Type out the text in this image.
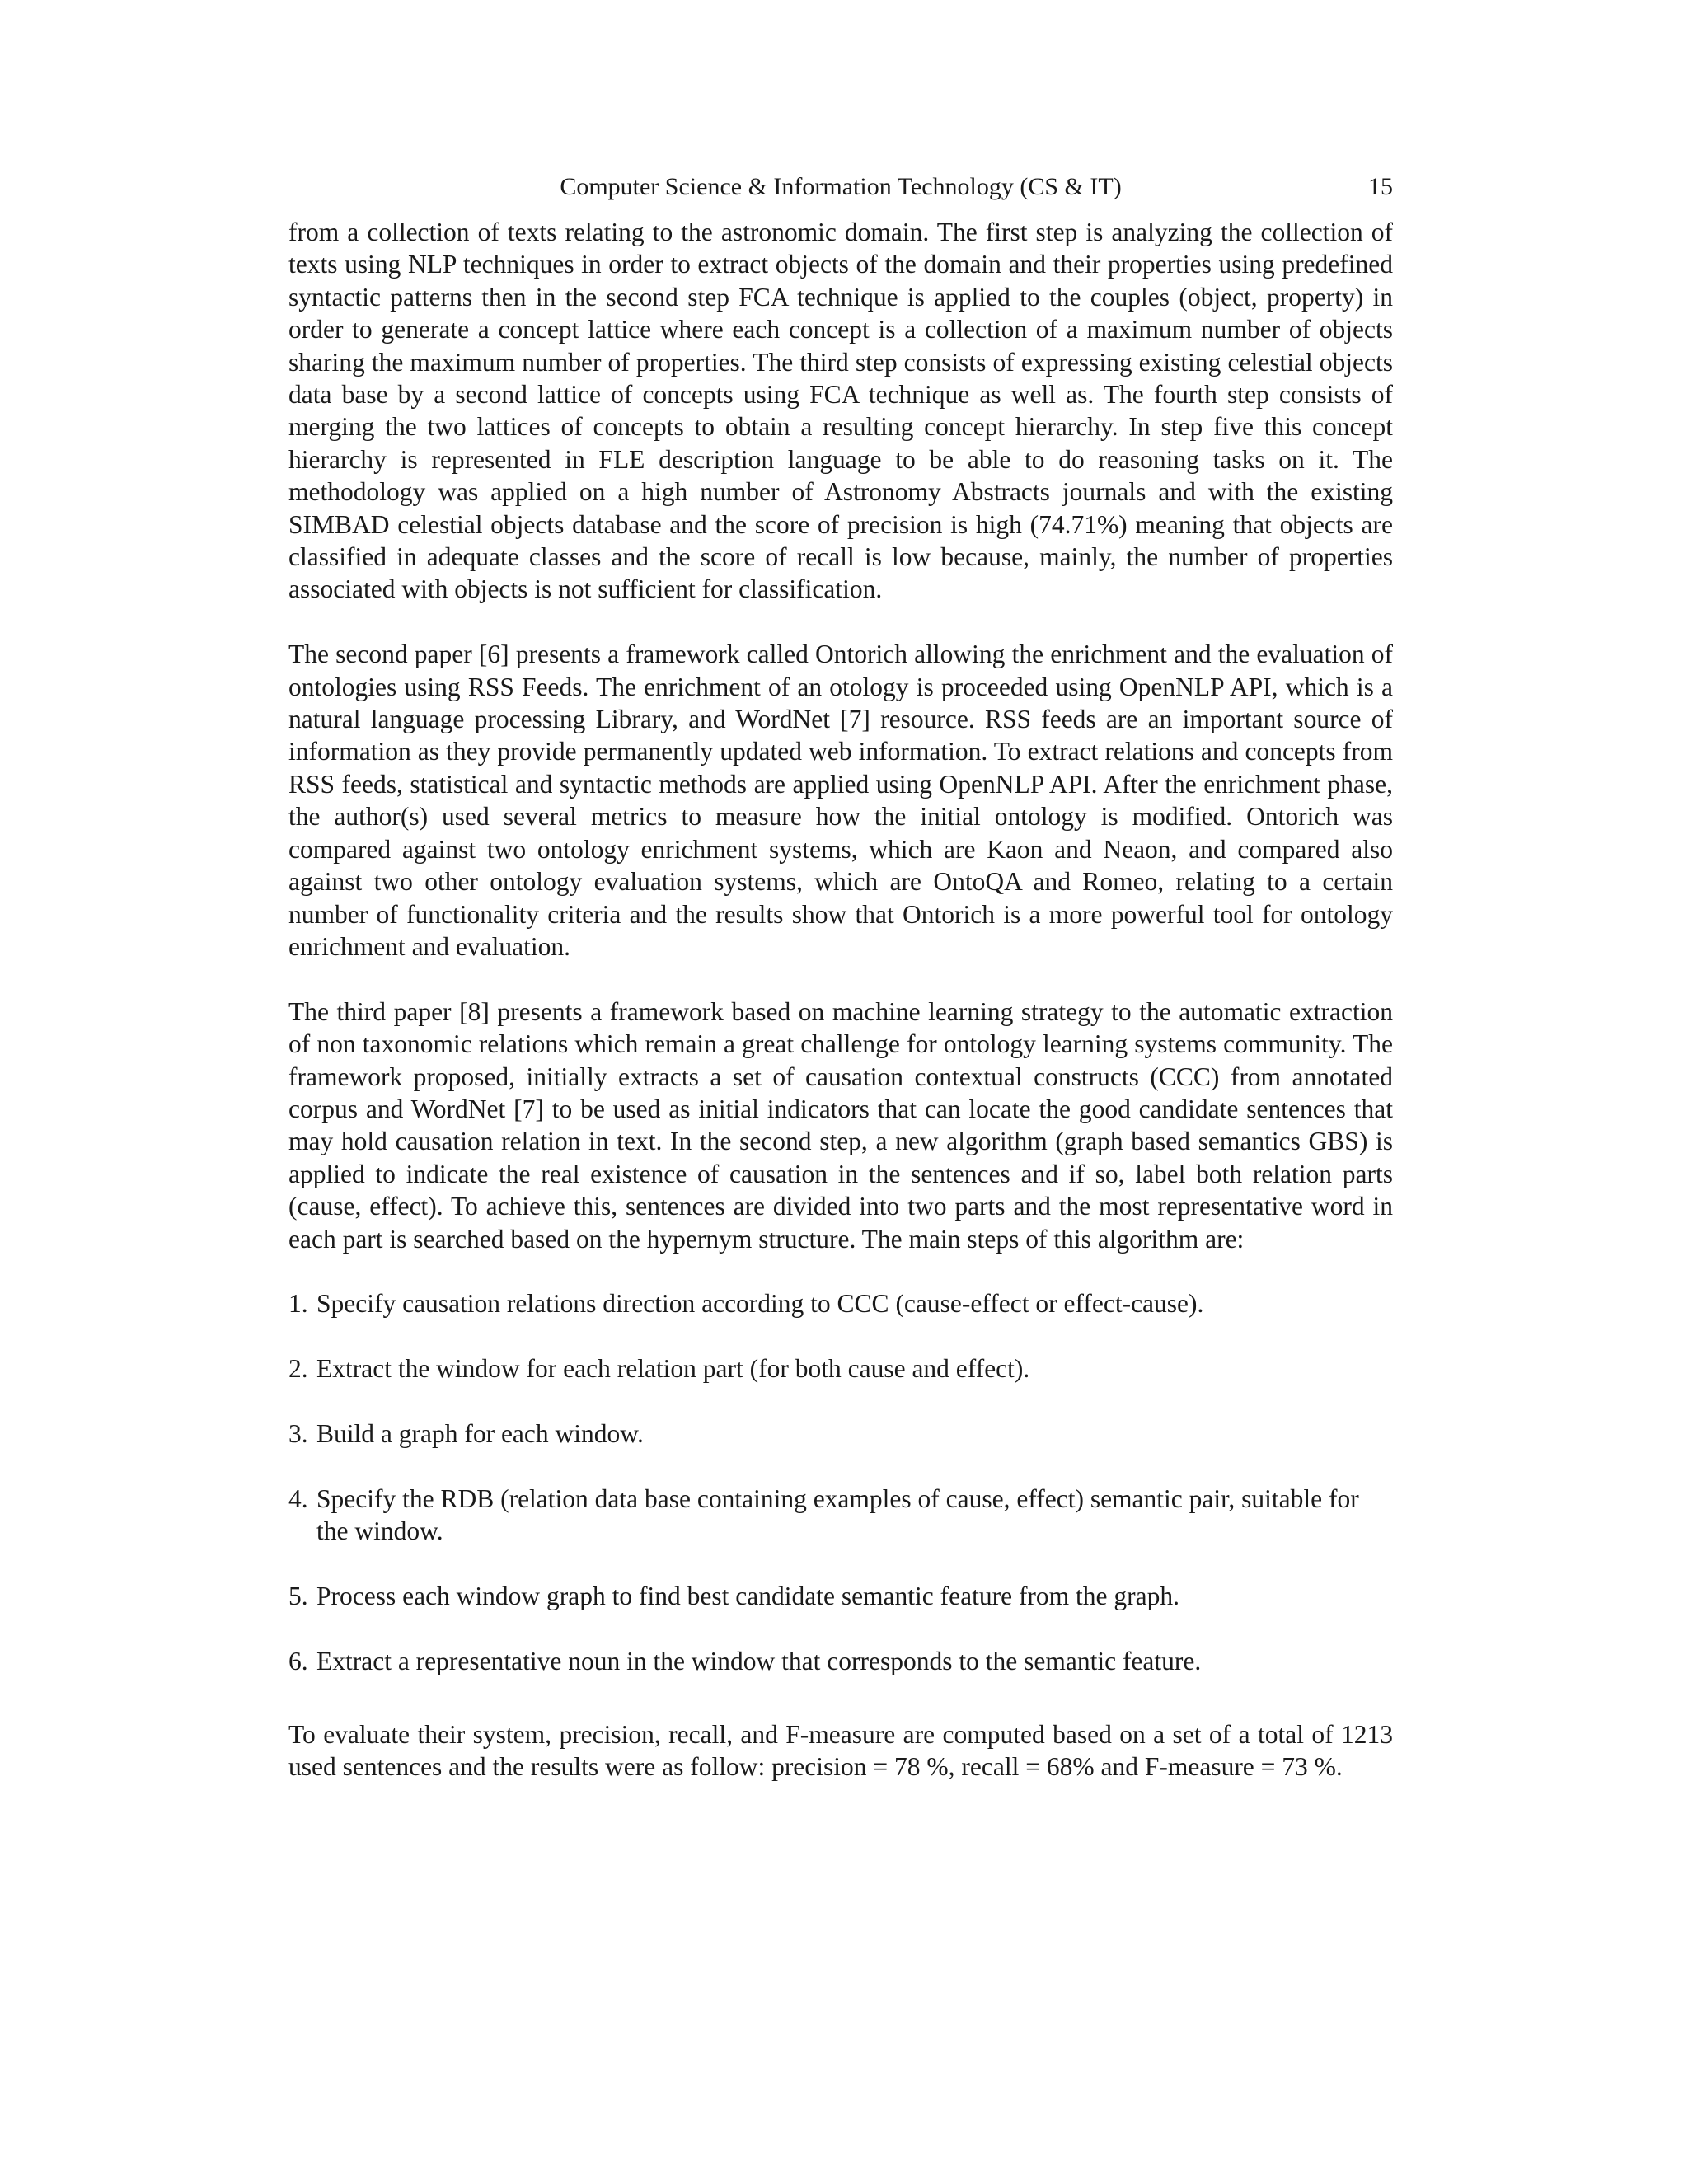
Computer Science & Information Technology (CS & IT)	15

from a collection of texts relating to the astronomic domain. The first step is analyzing the collection of texts using NLP techniques in order to extract objects of the domain and their properties using predefined syntactic patterns then in the second step FCA technique is applied to the couples (object, property) in order to generate a concept lattice where each concept is a collection of a maximum number of objects sharing the maximum number of properties. The third step consists of expressing existing celestial objects data base by a second lattice of concepts using FCA technique as well as. The fourth step consists of merging the two lattices of concepts to obtain a resulting concept hierarchy. In step five this concept hierarchy is represented in FLE description language to be able to do reasoning tasks on it. The methodology was applied on a high number of Astronomy Abstracts journals and with the existing SIMBAD celestial objects database and the score of precision is high (74.71%) meaning that objects are classified in adequate classes and the score of recall is low because, mainly, the number of properties associated with objects is not sufficient for classification.

The second paper [6] presents a framework called Ontorich allowing the enrichment and the evaluation of ontologies using RSS Feeds. The enrichment of an otology is proceeded using OpenNLP API, which is a natural language processing Library, and WordNet [7] resource. RSS feeds are an important source of information as they provide permanently updated web information. To extract relations and concepts from RSS feeds, statistical and syntactic methods are applied using OpenNLP API. After the enrichment phase, the author(s) used several metrics to measure how the initial ontology is modified. Ontorich was compared against two ontology enrichment systems, which are Kaon and Neaon, and compared also against two other ontology evaluation systems, which are OntoQA and Romeo, relating to a certain number of functionality criteria and the results show that Ontorich is a more powerful tool for ontology enrichment and evaluation.

The third paper [8] presents a framework based on machine learning strategy to the automatic extraction of non taxonomic relations which remain a great challenge for ontology learning systems community. The framework proposed, initially extracts a set of causation contextual constructs (CCC) from annotated corpus and WordNet [7] to be used as initial indicators that can locate the good candidate sentences that may hold causation relation in text. In the second step, a new algorithm (graph based semantics GBS) is applied to indicate the real existence of causation in the sentences and if so, label both relation parts (cause, effect). To achieve this, sentences are divided into two parts and the most representative word in each part is searched based on the hypernym structure. The main steps of this algorithm are:

1. Specify causation relations direction according to CCC (cause-effect or effect-cause).
2. Extract the window for each relation part (for both cause and effect).
3. Build a graph for each window.
4. Specify the RDB (relation data base containing examples of cause, effect) semantic pair, suitable for the window.
5. Process each window graph to find best candidate semantic feature from the graph.
6. Extract a representative noun in the window that corresponds to the semantic feature.

To evaluate their system, precision, recall, and F-measure are computed based on a set of a total of 1213 used sentences and the results were as follow: precision = 78 %, recall = 68% and F-measure = 73 %.
